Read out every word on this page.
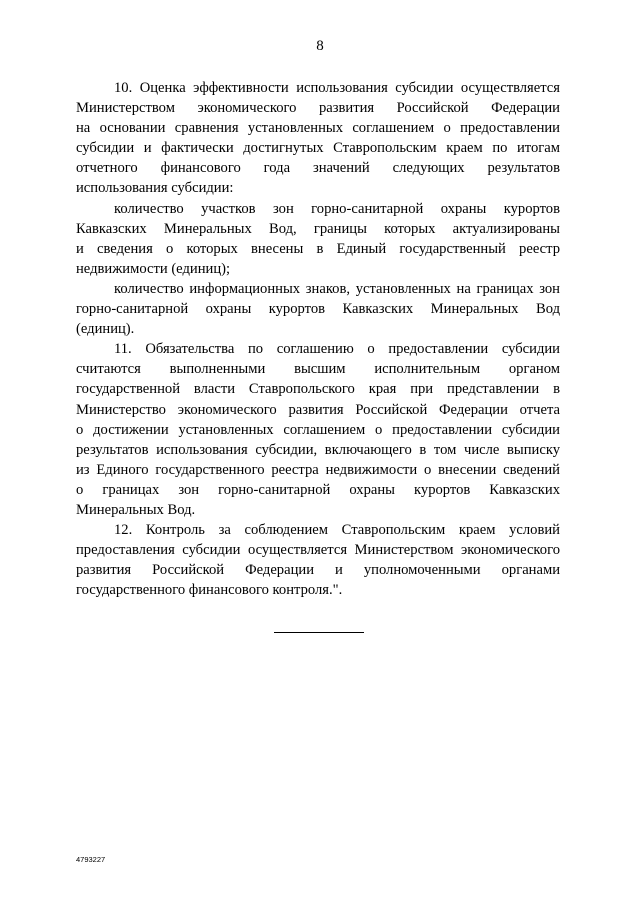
8
10. Оценка эффективности использования субсидии осуществляется
Министерством экономического развития Российской Федерации
на основании сравнения установленных соглашением о предоставлении
субсидии и фактически достигнутых Ставропольским краем по итогам
отчетного финансового года значений следующих результатов
использования субсидии:
количество участков зон горно-санитарной охраны курортов
Кавказских Минеральных Вод, границы которых актуализированы
и сведения о которых внесены в Единый государственный реестр
недвижимости (единиц);
количество информационных знаков, установленных на границах зон
горно-санитарной охраны курортов Кавказских Минеральных Вод
(единиц).
11. Обязательства по соглашению о предоставлении субсидии
считаются выполненными высшим исполнительным органом
государственной власти Ставропольского края при представлении в
Министерство экономического развития Российской Федерации отчета
о достижении установленных соглашением о предоставлении субсидии
результатов использования субсидии, включающего в том числе выписку
из Единого государственного реестра недвижимости о внесении сведений
о границах зон горно-санитарной охраны курортов Кавказских
Минеральных Вод.
12. Контроль за соблюдением Ставропольским краем условий
предоставления субсидии осуществляется Министерством экономического
развития Российской Федерации и уполномоченными органами
государственного финансового контроля.".
4793227
